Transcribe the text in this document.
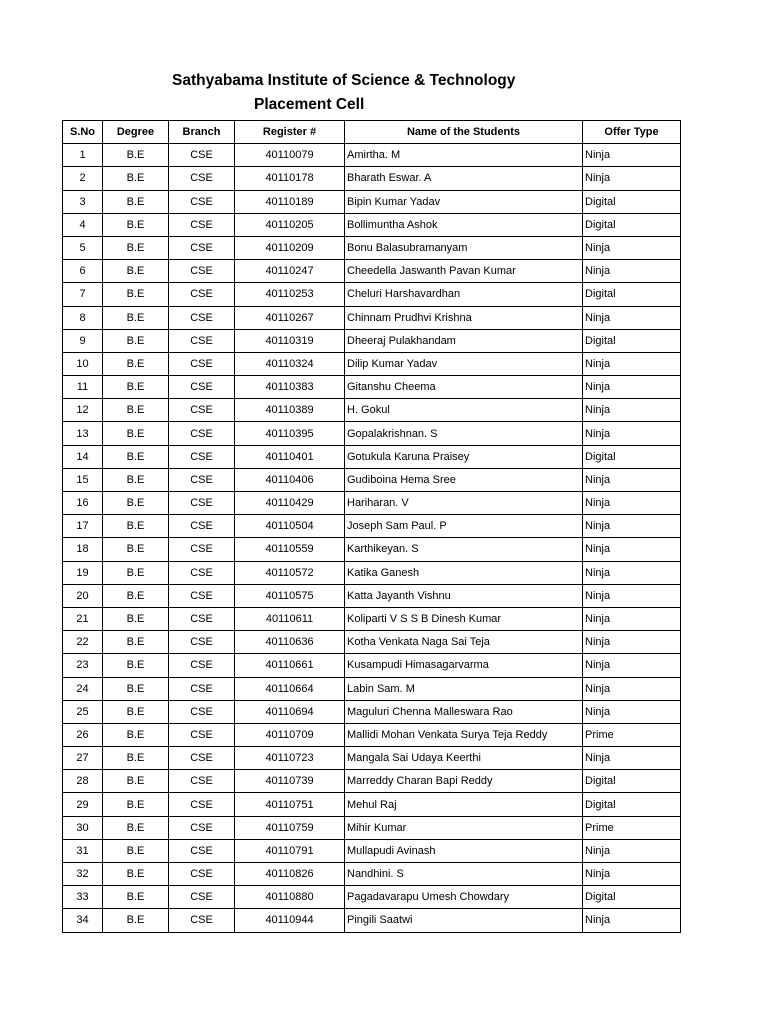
Sathyabama Institute of Science & Technology
Placement Cell
S.No	Degree	Branch	Register #	Name of the Students	Offer Type
1	B.E	CSE	40110079	Amirtha. M	Ninja
2	B.E	CSE	40110178	Bharath Eswar. A	Ninja
3	B.E	CSE	40110189	Bipin Kumar Yadav	Digital
4	B.E	CSE	40110205	Bollimuntha Ashok	Digital
5	B.E	CSE	40110209	Bonu Balasubramanyam	Ninja
6	B.E	CSE	40110247	Cheedella Jaswanth Pavan Kumar	Ninja
7	B.E	CSE	40110253	Cheluri Harshavardhan	Digital
8	B.E	CSE	40110267	Chinnam Prudhvi Krishna	Ninja
9	B.E	CSE	40110319	Dheeraj Pulakhandam	Digital
10	B.E	CSE	40110324	Dilip Kumar Yadav	Ninja
11	B.E	CSE	40110383	Gitanshu Cheema	Ninja
12	B.E	CSE	40110389	H. Gokul	Ninja
13	B.E	CSE	40110395	Gopalakrishnan. S	Ninja
14	B.E	CSE	40110401	Gotukula Karuna Praisey	Digital
15	B.E	CSE	40110406	Gudiboina Hema Sree	Ninja
16	B.E	CSE	40110429	Hariharan. V	Ninja
17	B.E	CSE	40110504	Joseph Sam Paul. P	Ninja
18	B.E	CSE	40110559	Karthikeyan. S	Ninja
19	B.E	CSE	40110572	Katika Ganesh	Ninja
20	B.E	CSE	40110575	Katta Jayanth Vishnu	Ninja
21	B.E	CSE	40110611	Koliparti V S S B Dinesh Kumar	Ninja
22	B.E	CSE	40110636	Kotha Venkata Naga Sai Teja	Ninja
23	B.E	CSE	40110661	Kusampudi Himasagarvarma	Ninja
24	B.E	CSE	40110664	Labin Sam. M	Ninja
25	B.E	CSE	40110694	Maguluri Chenna Malleswara Rao	Ninja
26	B.E	CSE	40110709	Mallidi Mohan Venkata Surya Teja Reddy	Prime
27	B.E	CSE	40110723	Mangala Sai Udaya Keerthi	Ninja
28	B.E	CSE	40110739	Marreddy Charan Bapi Reddy	Digital
29	B.E	CSE	40110751	Mehul Raj	Digital
30	B.E	CSE	40110759	Mihir Kumar	Prime
31	B.E	CSE	40110791	Mullapudi Avinash	Ninja
32	B.E	CSE	40110826	Nandhini. S	Ninja
33	B.E	CSE	40110880	Pagadavarapu Umesh Chowdary	Digital
34	B.E	CSE	40110944	Pingili Saatwi	Ninja
